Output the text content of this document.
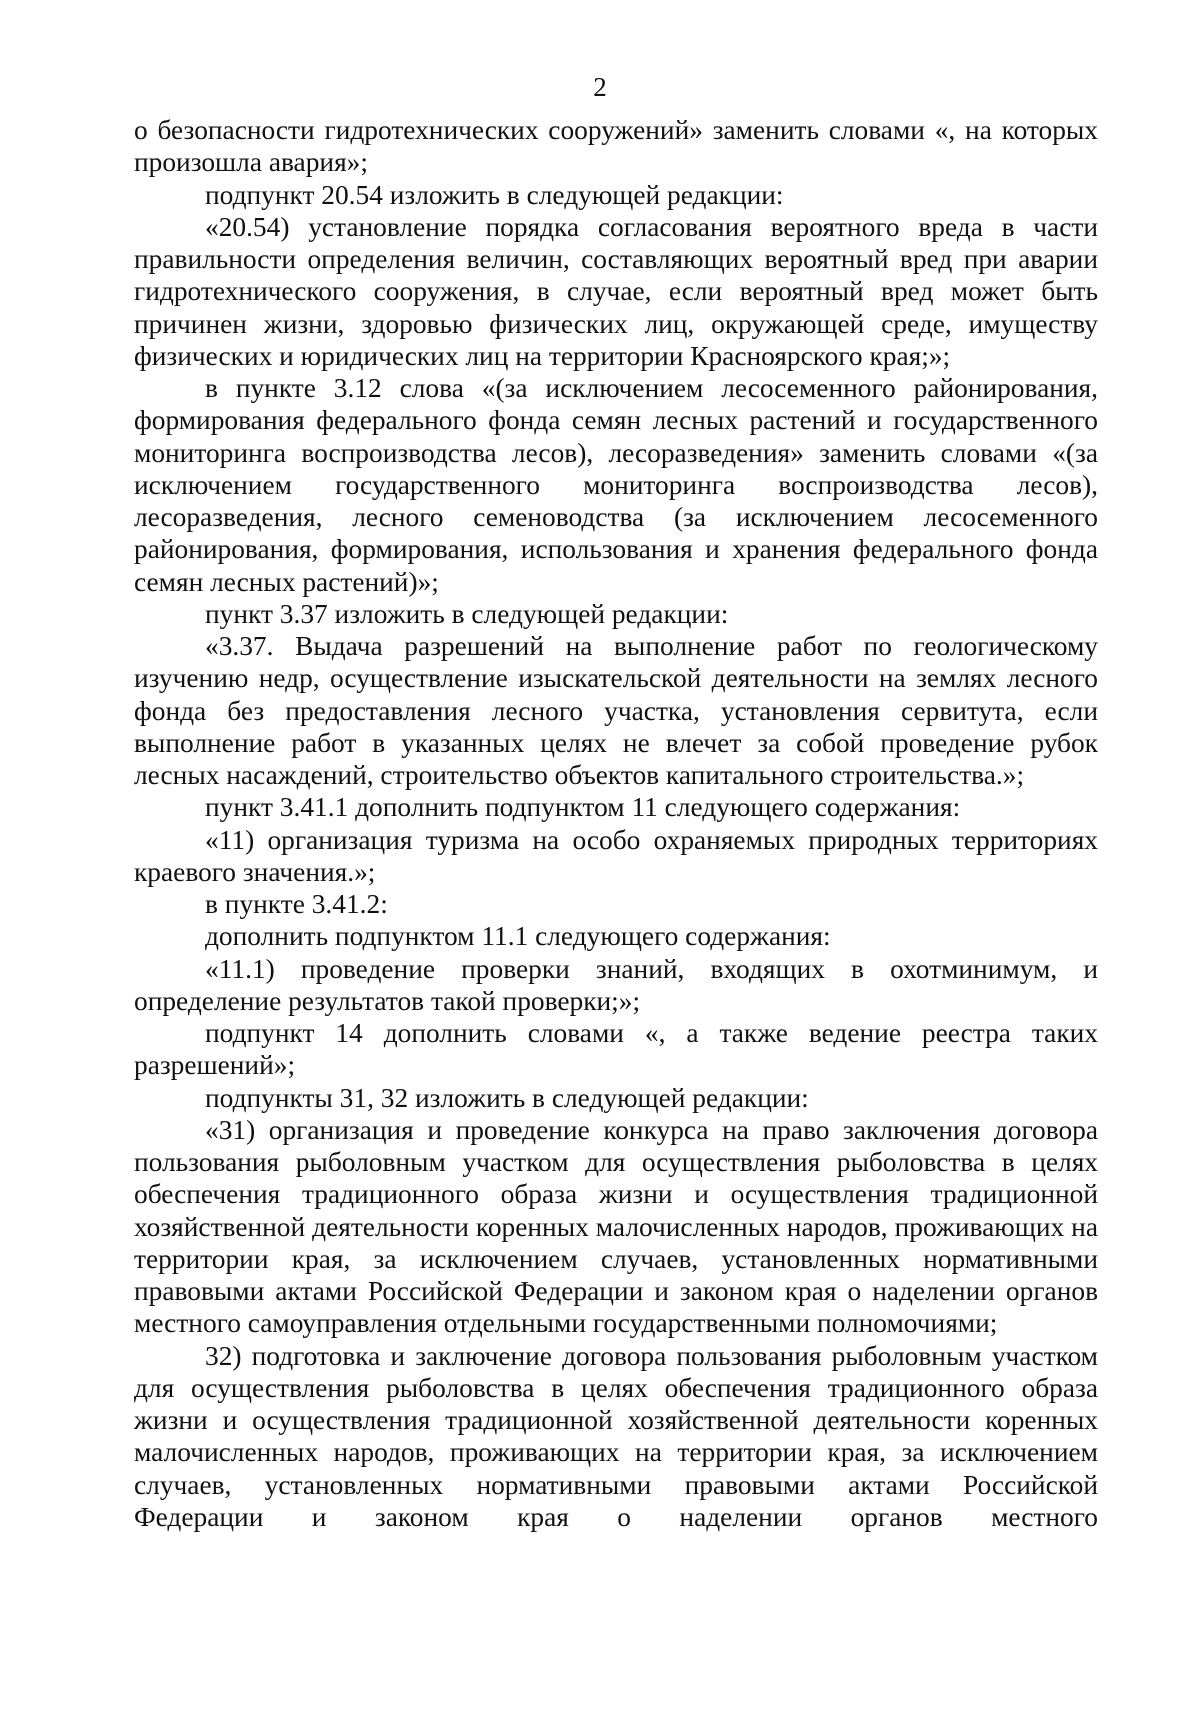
2

о безопасности гидротехнических сооружений» заменить словами «, на которых произошла авария»;

подпункт 20.54 изложить в следующей редакции:

«20.54) установление порядка согласования вероятного вреда в части правильности определения величин, составляющих вероятный вред при аварии гидротехнического сооружения, в случае, если вероятный вред может быть причинен жизни, здоровью физических лиц, окружающей среде, имуществу физических и юридических лиц на территории Красноярского края;»;

в пункте 3.12 слова «(за исключением лесосеменного районирования, формирования федерального фонда семян лесных растений и государственного мониторинга воспроизводства лесов), лесоразведения» заменить словами «(за исключением государственного мониторинга воспроизводства лесов), лесоразведения, лесного семеноводства (за исключением лесосеменного районирования, формирования, использования и хранения федерального фонда семян лесных растений)»;

пункт 3.37 изложить в следующей редакции:

«3.37. Выдача разрешений на выполнение работ по геологическому изучению недр, осуществление изыскательской деятельности на землях лесного фонда без предоставления лесного участка, установления сервитута, если выполнение работ в указанных целях не влечет за собой проведение рубок лесных насаждений, строительство объектов капитального строительства.»;

пункт 3.41.1 дополнить подпунктом 11 следующего содержания:

«11) организация туризма на особо охраняемых природных территориях краевого значения.»;

в пункте 3.41.2:

дополнить подпунктом 11.1 следующего содержания:

«11.1) проведение проверки знаний, входящих в охотминимум, и определение результатов такой проверки;»;

подпункт 14 дополнить словами «, а также ведение реестра таких разрешений»;

подпункты 31, 32 изложить в следующей редакции:

«31) организация и проведение конкурса на право заключения договора пользования рыболовным участком для осуществления рыболовства в целях обеспечения традиционного образа жизни и осуществления традиционной хозяйственной деятельности коренных малочисленных народов, проживающих на территории края, за исключением случаев, установленных нормативными правовыми актами Российской Федерации и законом края о наделении органов местного самоуправления отдельными государственными полномочиями;

32) подготовка и заключение договора пользования рыболовным участком для осуществления рыболовства в целях обеспечения традиционного образа жизни и осуществления традиционной хозяйственной деятельности коренных малочисленных народов, проживающих на территории края, за исключением случаев, установленных нормативными правовыми актами Российской Федерации и законом края о наделении органов местного
